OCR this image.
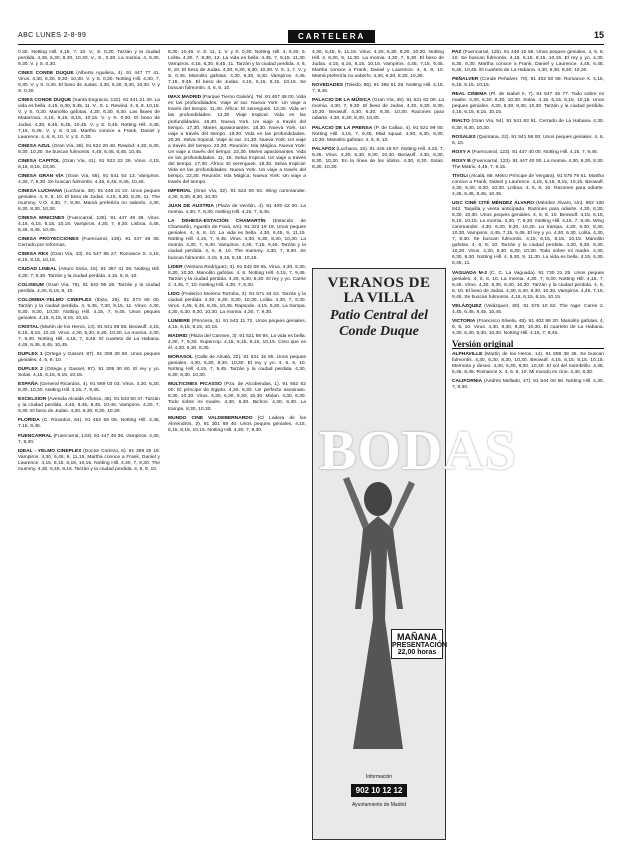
ABC LUNES 2-8-99	CARTELERA	15

0.30. Notting Hill. 4,15, 7, 10. V., S. 0,30. Tarzán y la ciudad perdida. 4,45, 6,30, 8,30, 10,30. V., S., 0,30. La momia. 4, 6,30, 9,30. V. y S. 0,30.

CINES CONDE DUQUE (Alberto Aguilera, 4). 91 447 77 41. Virus. 4,30, 6,30, 8,30, 10,30. V. y S. 0,30. Notting Hill. 4,30, 7, 9,30. V. y S. 0,30. El beso de Judas. 4,30, 6,30, 8,30, 10,30. V. y S. 0,30.

CINES CONDE DUQUE (Santa Engracia, 132). 91 441 21 40. La vida es bella. 4,15, 6,30, 8,45, 11. V., S. 1. Rewind. 4, 6, 8, 10,15. V. y S. 0,30. Manolito gafotas. 4,30, 6,30, 8,30. Las llaves de Matarrosa. 4,15, 6,15, 8,15, 10,15. V. y S. 0,30. El beso de Judas. 4,30, 6,45, 8,45, 10,45. V. y S. 0,45. Notting Hill. 4,45, 7,15, 9,45. V. y S. 0,15. Martha conoce a Frank, Daniel y Laurence. 4, 6, 8, 10. V. y S. 0,30.

CINESA AZUL (Gran Vía, 38). 91 522 20 48. Rewind. 4,30, 6,30, 8,30, 10,30. Se buscan fulmontis. 4,45, 6,45, 8,45, 10,45.

CINESA CAPITOL (Gran Vía, 41). 91 522 22 29. Virus. 4,15, 6,15, 8,15, 10,30.

CINESA GRAN VÍA (Gran Vía, 66). 91 541 54 13. Vampiros. 4,30, 7, 9,30. Se buscan fulmontis. 4,45, 6,45, 8,45, 10,45.

CINESA LUCHANA (Luchana, 38). 91 445 21 22. Unos peques geniales. 4, 6, 8, 10. El beso de Judas. 4,15, 6,30, 8,45, 11. The mummy. V.O. 4,30, 7, 9,30. Mamá preferiría no saberlo. 4,30, 6,30, 8,30, 10,30.

CINESA MINICINES (Fuencarral, 136). 91 447 49 36. Virus. 4,15, 6,15, 8,15, 10,15. Vampiros. 4,30, 7, 9,30. Lisboa. 4,45, 6,45, 8,45, 10,45.

CINESA PROYECCIONES (Fuencarral, 136). 91 447 48 36. Cerrado por reformas.

CINESA REX (Gran Vía, 43). 91 547 85 27. Romance X. 4,15, 6,15, 8,15, 10,15.

CIUDAD LINEAL (Arturo Soria, 16). 91 367 41 26. Notting Hill. 4,30, 7, 9,30. Tarzán y la ciudad perdida. 4,15, 6, 8, 10.

COLISEUM (Gran Vía, 78). 91 542 96 28. Tarzán y la ciudad perdida. 4,30, 6,15, 8, 10.

COLOMBIA-YELMO CINEPLEX (Ibiza, 26). 91 573 65 00. Tarzán y la ciudad perdida. 4, 5,45, 7,30, 9,15, 11. Virus. 4,30, 6,30, 8,30, 10,30. Notting Hill. 4,15, 7, 9,45. Unos peques geniales. 4,15, 6,15, 8,15, 10,15.

CRISTAL (Martín de los Heros, 14). 91 541 89 55. Beowulf. 4,15, 6,15, 8,15, 10,15. Virus. 4,30, 6,30, 8,30, 10,30. La momia. 4,30, 7, 9,30. Notting Hill. 4,15, 7, 9,45. El cuarteto de La Habana. 4,45, 6,45, 8,45, 10,45.

DUPLEX 1 (Ortega y Gasset, 87). 91 309 30 60. Unos peques geniales. 4, 6, 8, 10.

DUPLEX 2 (Ortega y Gasset, 87). 91 309 30 60. El rey y yo. Solas. 4,15, 6,15, 8,15, 10,15.

ESPAÑA (General Ricardos, 4). 91 569 03 03. Virus. 4,30, 6,30, 8,30, 10,30. Notting Hill. 4,15, 7, 9,45.

EXCELSIOR (Avenida Alcalde Alfonso, 45). 91 543 50 47. Tarzán y la ciudad perdida. 4,45, 6,45, 8,45, 10,45. Vampiros. 4,30, 7, 9,30. El beso de Judas. 4,30, 6,30, 8,30, 10,30.

FLORIDA (C. Ricardos, 64). 91 462 55 06. Notting Hill. 4,45, 7,15, 9,45.

FUENCARRAL (Fuencarral, 133). 91 447 48 36. Vampiros. 4,30, 7, 9,30.

IDEAL - YELMO CINEPLEX (Doctor Cortezo, 6). 91 369 25 18. Vampiros. 4,30, 6,45, 9, 11,15. Martha conoce a Frank, Daniel y Laurence. 4,15, 6,15, 8,15, 10,15. Notting Hill. 4,30, 7, 9,30. The mummy. 4,30, 6,45, 9,15. Tarzán y la ciudad perdida. 4, 6, 8, 10.

8,30, 10,45. V. S. 11, 1. V. y S. 0,30. Notting Hill. 4, 6,30, 9. Lolita. 4,30, 7, 9,30, 12. La vida es bella. 4,45, 7, 9,15, 11,30. Vampiros. 4,15, 6,30, 8,45, 11. Tarzán y la ciudad perdida. 4, 6, 8, 10. El beso de Judas. 4,30, 6,30, 8,30, 10,30. V. S. 1, 7. V. y S. 0,45. Manolito gafotas. 4,30, 6,30, 8,30. Vampiros. 4,45, 7,15, 9,45. El beso de Judas. 4,15, 6,15, 8,15, 10,15. Se buscan fulmontis. 4, 6, 8, 10.

IMAX MADRID (Parque Tierno Galván). Tel. 91 467 48 00. Vida en las profundidades. Viaje al sur. Nueva York. Un viaje a través del tiempo. 11,30. África: El serengueti. 12,30. Vida en las profundidades. 13,30. Viaje tropical. Vida en las profundidades. 16,30. Nueva York. Un viaje a través del tiempo. 17,30. Mares apasionantes. 18,30. Nueva York. Un viaje a través del tiempo. 19,30. Vida en las profundidades. 20,30. Selva tropical. Viaje al sur. 21,30. Nueva York: Un viaje a través del tiempo. 22,30. Reunión: Isla Mágica. Nueva York: Un viaje a través del tiempo. 23,30. Mares apasionantes. Vida en las profundidades. 11, 15. Selva tropical. Un viaje a través del tiempo. 17,30. África: El serengueti. 18,30. Selva tropical: Vida en las profundidades. Nueva York. Un viaje a través del tiempo. 22,30. Reunión: Isla Mágica. Nueva York: Un viaje a través del tiempo.

IMPERIAL (Gran Vía, 32). 91 522 00 92. Wing commander. 4,30, 6,30, 8,30, 10,30.

JUAN DE AUSTRIA (Plaza de Verdún, 4). 91 409 42 00. La momia. 4,30, 7, 9,30. Notting Hill. 4,15, 7, 9,45.

LA DEHESA-ESTACIÓN CHAMARTÍN (Estación de Chamartín, Agustín de Foxá, s/n). 91 323 19 19. Unos peques geniales. 4, 6, 8, 10. La vida es bella. 4,30, 6,45, 9, 11,15. Notting Hill. 4,15, 7, 9,45. Virus. 4,30, 6,30, 8,30, 10,30. La momia. 4,30, 7, 9,30. Vampiros. 4,45, 7,15, 9,45. Tarzán y la ciudad perdida. 4, 6, 8, 10. The mummy. 4,30, 7, 9,30. Se buscan fulmontis. 4,15, 6,15, 8,15, 10,15.

LIDER (Ventura Rodríguez, 3). 91 542 08 65. Virus. 4,30, 6,30, 8,30, 10,30. Manolito gafotas. 4, 6. Notting Hill. 4,15, 7, 9,45. Tarzán y la ciudad perdida. 4,30, 6,30, 8,30. El rey y yo. Carrie 2. 4,45, 7, 10. Notting Hill. 4,30, 7, 9,30.

LIDO (Federico Moreno Torroba, 3). 91 571 34 63. Tarzán y la ciudad perdida. 4,30, 6,30, 8,30, 10,30. Lolita. 4,30, 7, 9,30. Virus. 4,45, 6,45, 8,45, 10,45. Rapsode. 4,15, 6,30. La trampa. 4,30, 6,30, 8,30, 10,30. La momia. 4,30, 7, 9,30.

LUMIERE (Princesa, 5). 91 542 11 72. Unos peques geniales. 4,15, 6,15, 8,15, 10,15.

MADRID (Plaza del Carmen, 3). 91 521 56 94. La vida es bella. 4,30, 7, 9,30. Supercop. 4,15, 6,15, 8,15, 10,15. Creo que es él. 4,30, 6,30, 8,30.

MORASOL (Calle de Alcalá, 22). 91 531 15 65. Unos peques geniales. 4,30, 6,30, 8,30, 10,30. El rey y yo. 4, 6, 8, 10. Notting Hill. 4,15, 7, 9,45. Tarzán y la ciudad perdida. 4,30, 6,30, 8,30, 10,30.

MULTICINES PICASSO (Pza. de Alcobendas, 1). 91 652 62 00. El príncipe de Egipto. 4,30, 6,30. Un perfecto asesinato. 8,30, 10,30. Virus. 4,30, 6,30, 8,30, 10,30. Mulan. 4,30, 6,30. Todo sobre mi madre. 4,30, 6,30. Bichos. 4,30, 6,30. La trampa. 8,30, 10,30.

MUNDO CINE VALDEBERNARDO (C/ Ladera de los Almendros, 2). 91 301 69 40. Unos peques geniales. 4,15, 6,15, 8,15, 10,15. Notting Hill. 4,30, 7, 9,30.

4,30, 6,45, 9, 11,15. Virus. 4,30, 6,30, 8,30, 10,30. Notting Hill. 4, 6,30, 9, 11,30. La momia. 4,30, 7, 9,30. El beso de Judas. 4,15, 6,15, 8,15, 10,15. Vampiros. 4,45, 7,15, 9,45. Martha conoce a Frank, Daniel y Laurence. 4, 6, 8, 10. Mamá preferiría no saberlo. 4,30, 6,30, 8,30, 10,30.

NOVEDADES (Toledo, 86). 91 365 61 26. Notting Hill. 4,15, 7, 9,45.

PALACIO DE LA MÚSICA (Gran Vía, 35). 91 521 62 09. La momia. 4,30, 7, 9,30. El beso de Judas. 4,30, 6,30, 8,30, 10,30. Beowulf. 4,30, 6,30, 8,30, 10,30. Razones para odiarte. 4,30, 6,30, 8,30, 10,30.

PALACIO DE LA PRENSA (P. de Callao, 4). 91 521 99 00. Notting Hill. 4,15, 7, 9,45. Mad squad. 4,30, 6,30, 8,30, 10,30. Manolito gafotas. 4, 6, 8, 10.

PALAFOX (Luchana, 15). 91 446 18 87. Notting Hill. 4,15, 7, 9,45. Virus. 4,30, 6,30, 8,30, 10,30. Beowulf. 4,30, 6,30, 8,30, 10,30. En la línea de los ídolos. 4,30, 6,30. Solas. 8,30, 10,30.

PAZ (Fuencarral, 125). 91 446 10 56. Unos peques geniales. 4, 6, 8, 10. Se buscan fulmontis. 4,15, 6,15, 8,15, 10,15. El rey y yo. 4,30, 6,30, 8,30. Martha conoce a Frank, Daniel y Laurence. 4,45, 6,45, 8,45, 10,45. El cuarteto de La Habana. 4,30, 6,30, 8,30, 10,30.

PEÑALVER (Conde Peñalver, 70). 91 402 50 69. Romance X. 4,15, 6,15, 8,15, 10,15.

REAL CINEMA (Pl. de Isabel II, 7). 91 547 45 77. Todo sobre mi madre. 4,30, 6,30, 8,30, 10,30. Solas. 4,15, 6,15, 8,15, 10,15. Unos peques geniales. 4,30, 6,30, 8,30, 10,30. Tarzán y la ciudad perdida. 4,15, 6,15, 8,15, 10,15.

RIALTO (Gran Vía, 54). 91 541 83 91. Cerrado de La Habana. 4,30, 6,30, 8,30, 10,30.

ROSALES (Quintana, 22). 91 541 58 00. Unos peques geniales. 4, 6, 8, 10.

ROXY A (Fuencarral, 123). 91 447 40 00. Notting Hill. 4,15, 7, 9,45.

ROXY B (Fuencarral, 123). 91 447 40 00. La momia. 4,30, 6,30, 8,30. The Matrix. 4,45, 7, 9,15.

TÍVOLI (Alcalá, 88. Metro Príncipe de Vergara). 91 575 79 61. Martha conoce a Frank, Daniel y Laurence. 4,15, 6,15, 8,15, 10,15. Beowulf. 4,30, 6,30, 8,30, 10,30. Lisboa. 4, 6, 8, 10. Razones para odiarte. 4,45, 6,45, 8,45, 10,45.

UGC CINÉ CITÉ MÉNDEZ ÁLVARO (Méndez Álvaro, s/n). 902 100 842. Taquilla y venta anticipada. Razones para odiarte. 4,30, 6,30, 8,30, 10,30. Unos peques geniales. 4, 6, 8, 10. Beowulf. 4,15, 6,15, 8,15, 10,15. La momia. 4,30, 7, 9,30. Notting Hill. 4,15, 7, 9,45. Wing commander. 4,30, 6,30, 8,30, 10,30. La trampa. 4,30, 6,30, 8,30, 10,30. Vampiros. 4,45, 7,15, 9,45. El rey y yo. 4,30, 6,30. Lolita. 4,30, 7, 9,30. Se buscan fulmontis. 4,15, 6,15, 8,15, 10,15. Manolito gafotas. 4, 6, 8, 10. Tarzán y la ciudad perdida. 4,30, 6,30, 8,30, 10,30. Virus. 4,30, 6,30, 8,30, 10,30. Todo sobre mi madre. 4,30, 6,30, 8,30. Notting Hill. 4, 6,30, 9, 11,30. La vida es bella. 4,15, 6,30, 8,45, 11.

VAGUADA M-2 (C. C. La Vaguada). 91 730 31 25. Unos peques geniales. 4, 6, 8, 10. La momia. 4,30, 7, 9,30. Notting Hill. 4,15, 7, 9,45. Virus. 4,30, 6,30, 8,30, 10,30. Tarzán y la ciudad perdida. 4, 6, 8, 10. El beso de Judas. 4,30, 6,30, 8,30, 10,30. Vampiros. 4,45, 7,15, 9,45. Se buscan fulmontis. 4,15, 6,15, 8,15, 10,15.

VELÁZQUEZ (Velázquez, 60). 91 576 10 62. The rage: Carrie 2. 4,45, 6,45, 8,45, 10,45.

VICTORIA (Francisco Silvela, 48). 91 402 88 20. Manolito gafotas. 4, 6, 8, 10. Virus. 4,30, 6,30, 8,30, 10,30. El cuarteto de La Habana. 4,30, 6,30, 8,30, 10,30. Notting Hill. 4,15, 7, 9,45.

Versión original

ALPHAVILLE (Martín de los Heros, 14). 91 559 38 36. Se buscan fulmontis. 4,30, 6,30, 8,30, 10,30. Beowulf. 4,15, 6,15, 8,15, 10,15. Memoria y deseo. 4,30, 6,30, 8,30, 10,30. El sol del membrillo. 4,45, 6,45, 8,45. Romance X. 4, 6, 8, 10. Mi mundo es cine. 4,30, 6,30.

CALIFORNIA (Andrés Mellado, 47). 91 544 00 58. Notting Hill. 4,30, 7, 9,30.

VERANOS DE
LA VILLA
Patio Central del
Conde Duque
BODAS
MAÑANA
PRESENTACIÓN
22,00 horas
Información
902 10 12 12
Ayuntamiento de Madrid
